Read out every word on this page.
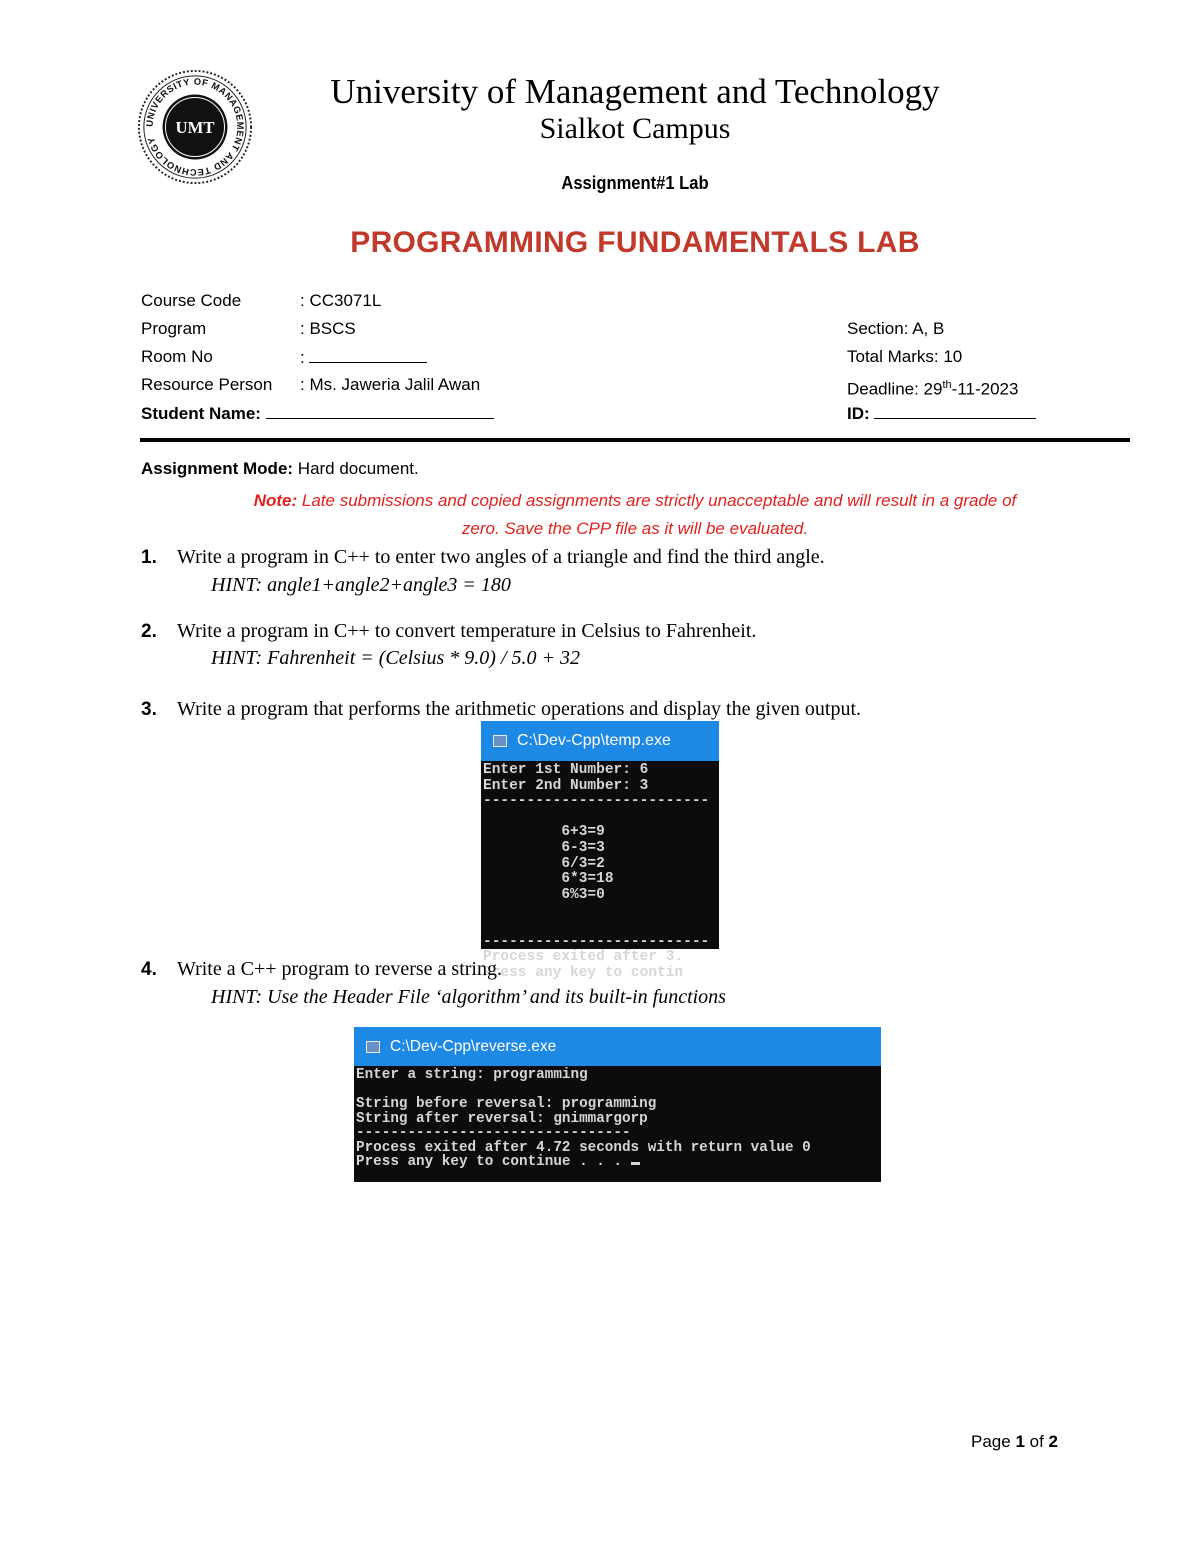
UNIVERSITY OF MANAGEMENT AND TECHNOLOGY
UMT
University of Management and Technology
Sialkot Campus
Assignment#1 Lab
PROGRAMMING FUNDAMENTALS LAB
Course Code	: CC3071L
Program	: BSCS	Section: A, B
Room No	:	Total Marks: 10
Resource Person : Ms. Jaweria Jalil Awan	Deadline: 29th-11-2023
Student Name:	ID:
Assignment Mode: Hard document.
Note: Late submissions and copied assignments are strictly unacceptable and will result in a grade of
zero. Save the CPP file as it will be evaluated.
1. Write a program in C++ to enter two angles of a triangle and find the third angle.
HINT: angle1+angle2+angle3 = 180
2. Write a program in C++ to convert temperature in Celsius to Fahrenheit.
HINT: Fahrenheit = (Celsius * 9.0) / 5.0 + 32
3. Write a program that performs the arithmetic operations and display the given output.
C:\Dev-Cpp\temp.exe
Enter 1st Number: 6
Enter 2nd Number: 3
--------------------------

6+3=9
6-3=3
6/3=2
6*3=18
6%3=0

--------------------------
Process exited after 3.
Press any key to contin
4. Write a C++ program to reverse a string.
HINT: Use the Header File ‘algorithm’ and its built-in functions
C:\Dev-Cpp\reverse.exe
Enter a string: programming

String before reversal: programming
String after reversal: gnimmargorp
--------------------------------
Process exited after 4.72 seconds with return value 0
Press any key to continue . . .
Page 1 of 2
